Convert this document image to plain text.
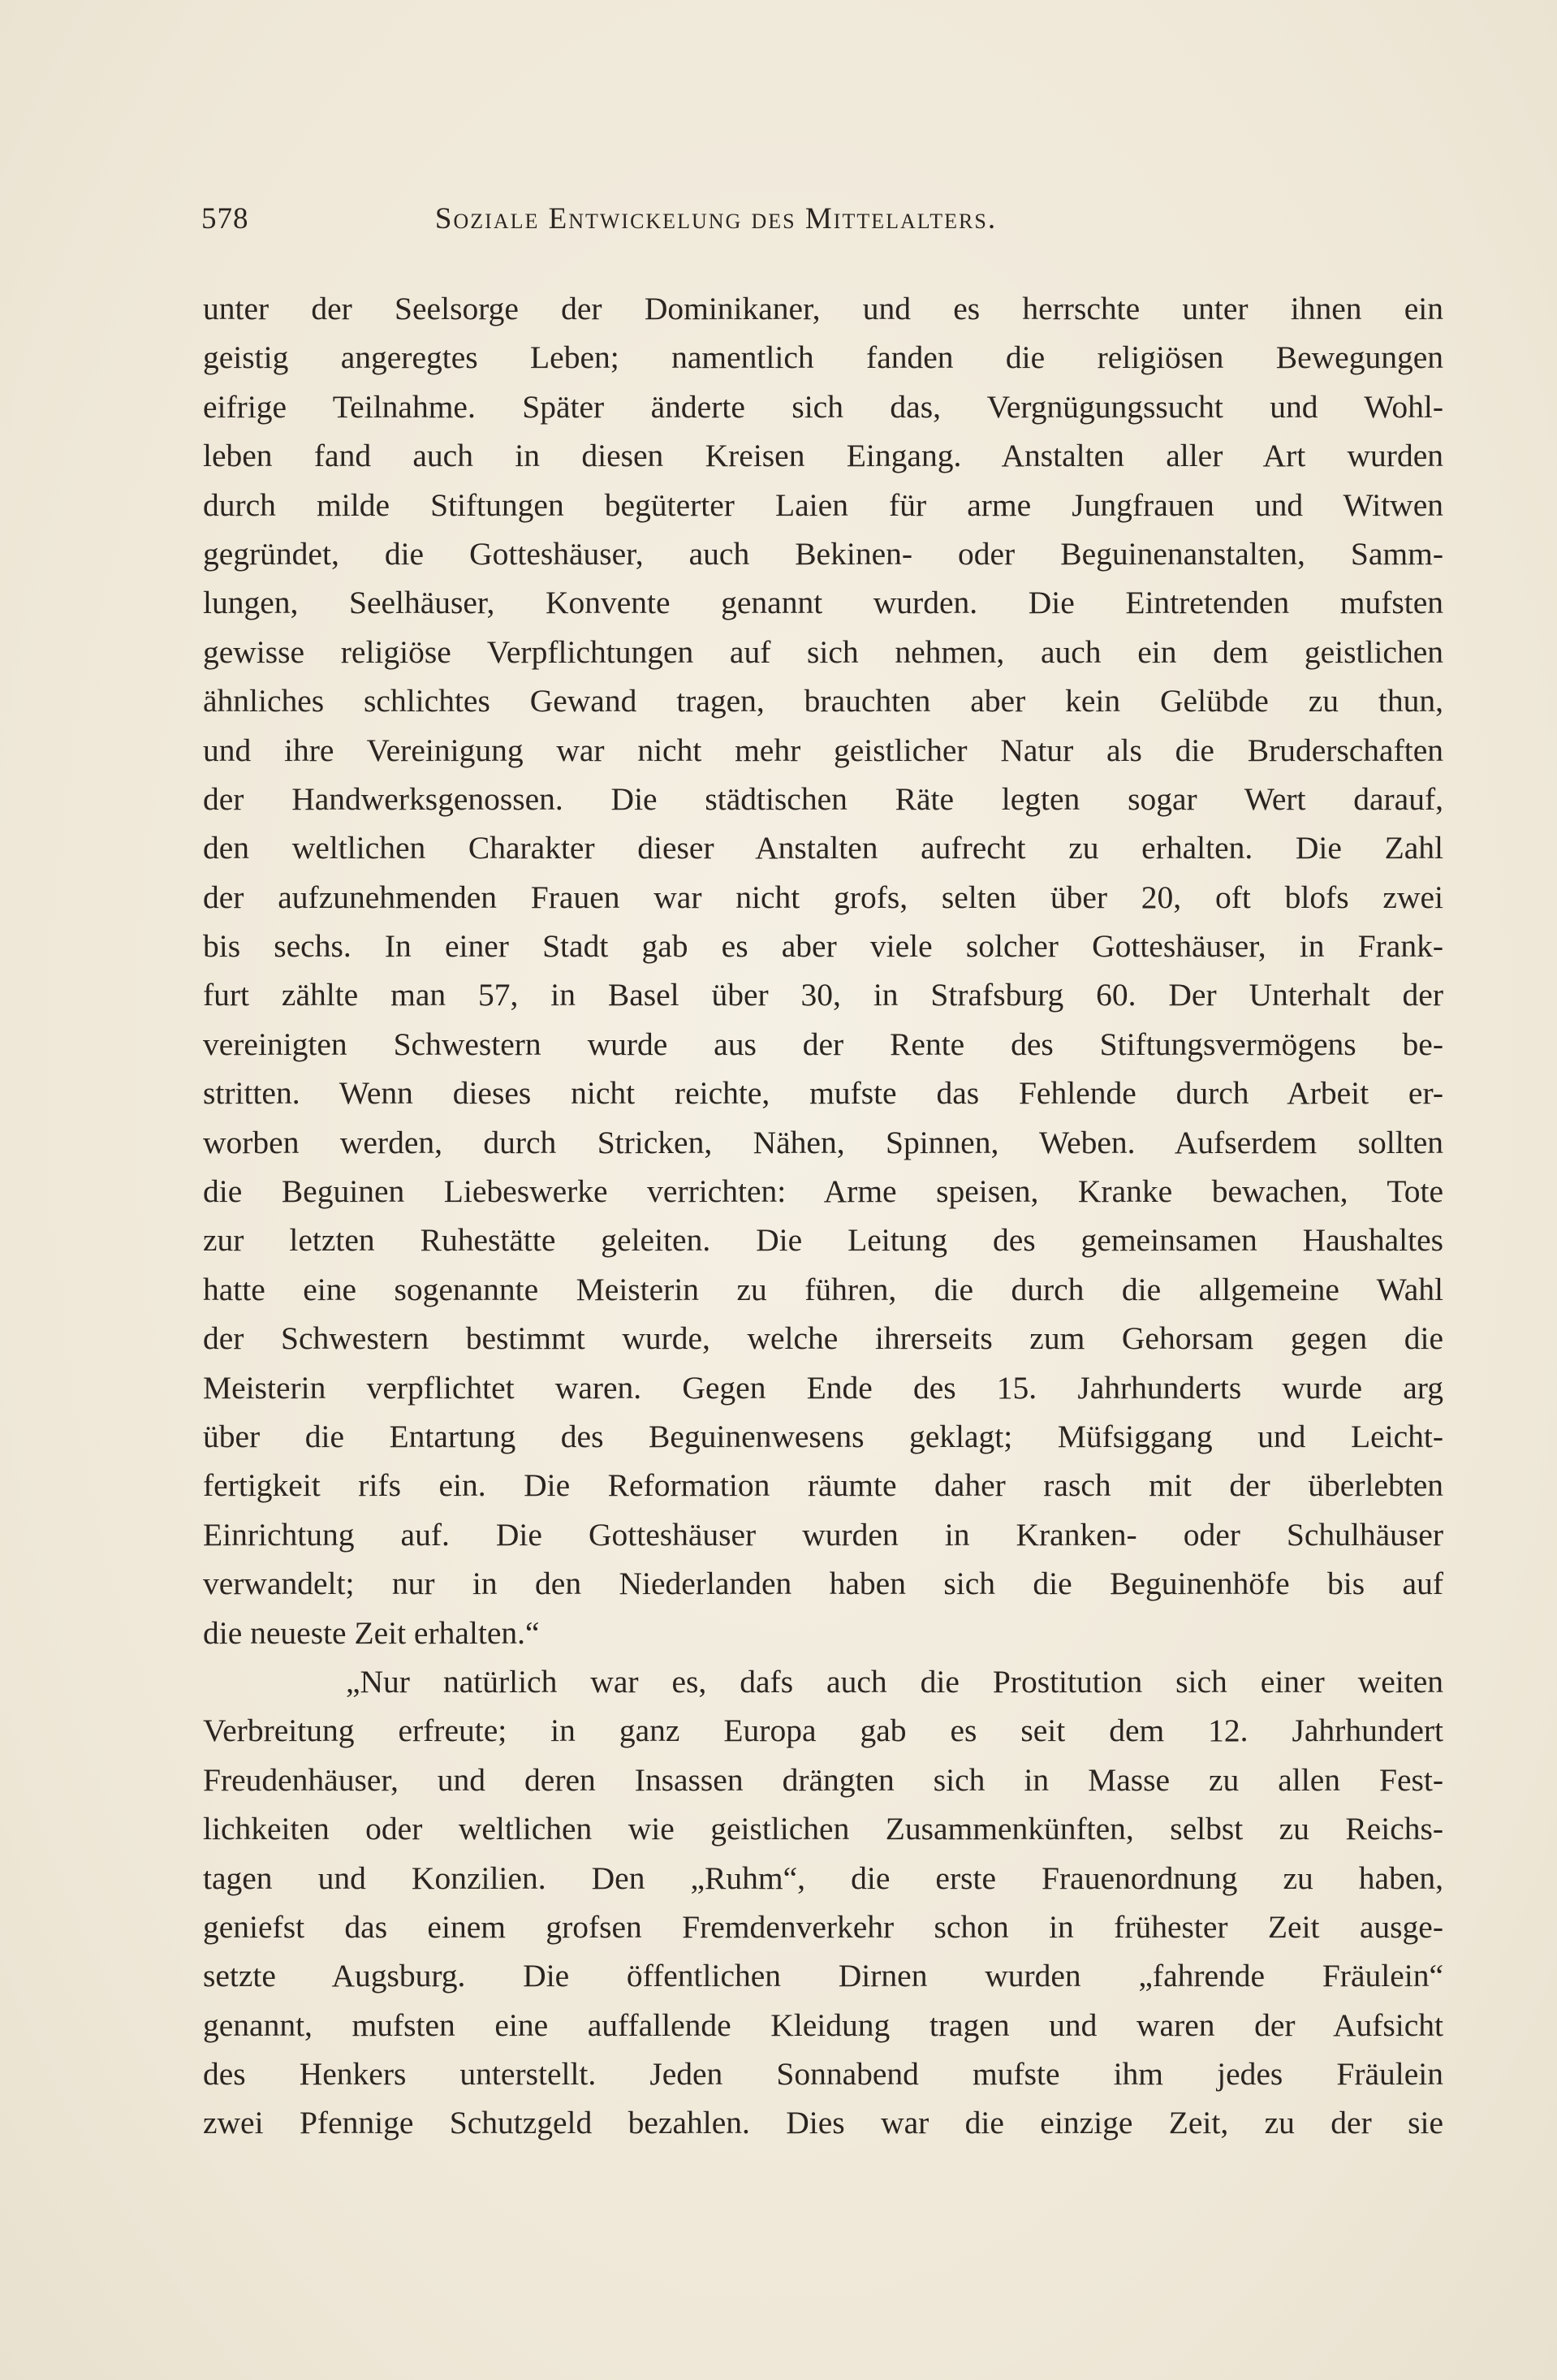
578	Soziale Entwickelung des Mittelalters.
unter der Seelsorge der Dominikaner, und es herrschte unter ihnen ein
geistig angeregtes Leben; namentlich fanden die religiösen Bewegungen
eifrige Teilnahme. Später änderte sich das, Vergnügungssucht und Wohl-
leben fand auch in diesen Kreisen Eingang. Anstalten aller Art wurden
durch milde Stiftungen begüterter Laien für arme Jungfrauen und Witwen
gegründet, die Gotteshäuser, auch Bekinen- oder Beguinenanstalten, Samm-
lungen, Seelhäuser, Konvente genannt wurden. Die Eintretenden mufsten
gewisse religiöse Verpflichtungen auf sich nehmen, auch ein dem geistlichen
ähnliches schlichtes Gewand tragen, brauchten aber kein Gelübde zu thun,
und ihre Vereinigung war nicht mehr geistlicher Natur als die Bruderschaften
der Handwerksgenossen. Die städtischen Räte legten sogar Wert darauf,
den weltlichen Charakter dieser Anstalten aufrecht zu erhalten. Die Zahl
der aufzunehmenden Frauen war nicht grofs, selten über 20, oft blofs zwei
bis sechs. In einer Stadt gab es aber viele solcher Gotteshäuser, in Frank-
furt zählte man 57, in Basel über 30, in Strafsburg 60. Der Unterhalt der
vereinigten Schwestern wurde aus der Rente des Stiftungsvermögens be-
stritten. Wenn dieses nicht reichte, mufste das Fehlende durch Arbeit er-
worben werden, durch Stricken, Nähen, Spinnen, Weben. Aufserdem sollten
die Beguinen Liebeswerke verrichten: Arme speisen, Kranke bewachen, Tote
zur letzten Ruhestätte geleiten. Die Leitung des gemeinsamen Haushaltes
hatte eine sogenannte Meisterin zu führen, die durch die allgemeine Wahl
der Schwestern bestimmt wurde, welche ihrerseits zum Gehorsam gegen die
Meisterin verpflichtet waren. Gegen Ende des 15. Jahrhunderts wurde arg
über die Entartung des Beguinenwesens geklagt; Müfsiggang und Leicht-
fertigkeit rifs ein. Die Reformation räumte daher rasch mit der überlebten
Einrichtung auf. Die Gotteshäuser wurden in Kranken- oder Schulhäuser
verwandelt; nur in den Niederlanden haben sich die Beguinenhöfe bis auf
die neueste Zeit erhalten.“
„Nur natürlich war es, dafs auch die Prostitution sich einer weiten
Verbreitung erfreute; in ganz Europa gab es seit dem 12. Jahrhundert
Freudenhäuser, und deren Insassen drängten sich in Masse zu allen Fest-
lichkeiten oder weltlichen wie geistlichen Zusammenkünften, selbst zu Reichs-
tagen und Konzilien. Den „Ruhm“, die erste Frauenordnung zu haben,
geniefst das einem grofsen Fremdenverkehr schon in frühester Zeit ausge-
setzte Augsburg. Die öffentlichen Dirnen wurden „fahrende Fräulein“
genannt, mufsten eine auffallende Kleidung tragen und waren der Aufsicht
des Henkers unterstellt. Jeden Sonnabend mufste ihm jedes Fräulein
zwei Pfennige Schutzgeld bezahlen. Dies war die einzige Zeit, zu der sie
